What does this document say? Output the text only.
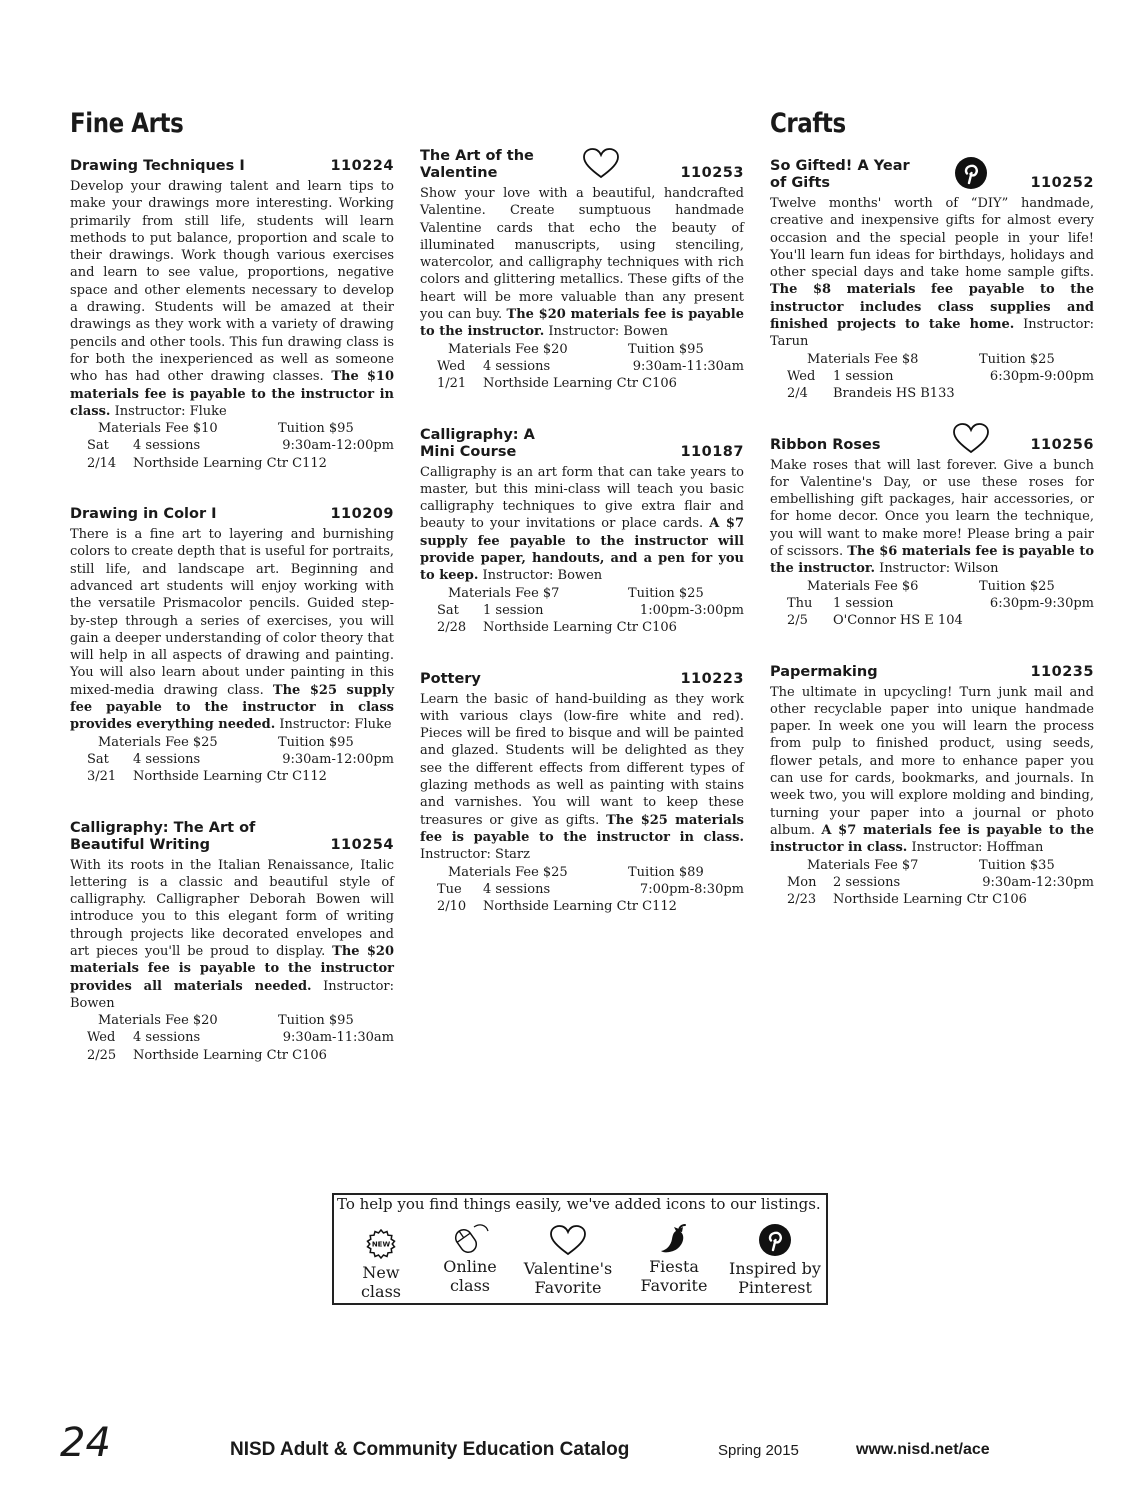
Fine Arts
Drawing Techniques I	110224

Develop your drawing talent and learn tips to make your drawings more interesting. Working primarily from still life, students will learn methods to put balance, proportion and scale to their drawings. Work though various exercises and learn to see value, proportions, negative space and other elements necessary to develop a drawing. Students will be amazed at their drawings as they work with a variety of drawing pencils and other tools. This fun drawing class is for both the inexperienced as well as someone who has had other drawing classes. The $10 materials fee is payable to the instructor in class. Instructor: Fluke

Materials Fee $10	Tuition $95
Sat	4 sessions	9:30am-12:00pm
2/14	Northside Learning Ctr C112
Drawing in Color I	110209

There is a fine art to layering and burnishing colors to create depth that is useful for portraits, still life, and landscape art. Beginning and advanced art students will enjoy working with the versatile Prismacolor pencils. Guided step-by-step through a series of exercises, you will gain a deeper understanding of color theory that will help in all aspects of drawing and painting. You will also learn about under painting in this mixed-media drawing class. The $25 supply fee payable to the instructor in class provides everything needed. Instructor: Fluke

Materials Fee $25	Tuition $95
Sat	4 sessions	9:30am-12:00pm
3/21	Northside Learning Ctr C112
Calligraphy: The Art of Beautiful Writing	110254

With its roots in the Italian Renaissance, Italic lettering is a classic and beautiful style of calligraphy. Calligrapher Deborah Bowen will introduce you to this elegant form of writing through projects like decorated envelopes and art pieces you'll be proud to display. The $20 materials fee is payable to the instructor provides all materials needed. Instructor: Bowen

Materials Fee $20	Tuition $95
Wed	4 sessions	9:30am-11:30am
2/25	Northside Learning Ctr C106
The Art of the Valentine	110253

Show your love with a beautiful, handcrafted Valentine. Create sumptuous handmade Valentine cards that echo the beauty of illuminated manuscripts, using stenciling, watercolor, and calligraphy techniques with rich colors and glittering metallics. These gifts of the heart will be more valuable than any present you can buy. The $20 materials fee is payable to the instructor. Instructor: Bowen

Materials Fee $20	Tuition $95
Wed	4 sessions	9:30am-11:30am
1/21	Northside Learning Ctr C106
Calligraphy: A Mini Course	110187

Calligraphy is an art form that can take years to master, but this mini-class will teach you basic calligraphy techniques to give extra flair and beauty to your invitations or place cards. A $7 supply fee payable to the instructor will provide paper, handouts, and a pen for you to keep. Instructor: Bowen

Materials Fee $7	Tuition $25
Sat	1 session	1:00pm-3:00pm
2/28	Northside Learning Ctr C106
Pottery	110223

Learn the basic of hand-building as they work with various clays (low-fire white and red). Pieces will be fired to bisque and will be painted and glazed. Students will be delighted as they see the different effects from different types of glazing methods as well as painting with stains and varnishes. You will want to keep these treasures or give as gifts. The $25 materials fee is payable to the instructor in class. Instructor: Starz

Materials Fee $25	Tuition $89
Tue	4 sessions	7:00pm-8:30pm
2/10	Northside Learning Ctr C112
Crafts
So Gifted! A Year of Gifts	110252

Twelve months' worth of “DIY” handmade, creative and inexpensive gifts for almost every occasion and the special people in your life! You'll learn fun ideas for birthdays, holidays and other special days and take home sample gifts. The $8 materials fee payable to the instructor includes class supplies and finished projects to take home. Instructor: Tarun

Materials Fee $8	Tuition $25
Wed	1 session	6:30pm-9:00pm
2/4	Brandeis HS B133
Ribbon Roses	110256

Make roses that will last forever. Give a bunch for Valentine's Day, or use these roses for embellishing gift packages, hair accessories, or for home decor. Once you learn the technique, you will want to make more! Please bring a pair of scissors. The $6 materials fee is payable to the instructor. Instructor: Wilson

Materials Fee $6	Tuition $25
Thu	1 session	6:30pm-9:30pm
2/5	O'Connor HS E 104
Papermaking	110235

The ultimate in upcycling! Turn junk mail and other recyclable paper into unique handmade paper. In week one you will learn the process from pulp to finished product, using seeds, flower petals, and more to enhance paper you can use for cards, bookmarks, and journals. In week two, you will explore molding and binding, turning your paper into a journal or photo album. A $7 materials fee is payable to the instructor in class. Instructor: Hoffman

Materials Fee $7	Tuition $35
Mon	2 sessions	9:30am-12:30pm
2/23	Northside Learning Ctr C106
To help you find things easily, we've added icons to our listings.
NEW
New class
Online
class
Valentine's
Favorite
Fiesta
Favorite
Inspired by
Pinterest
24	NISD Adult & Community Education Catalog	Spring 2015	www.nisd.net/ace
